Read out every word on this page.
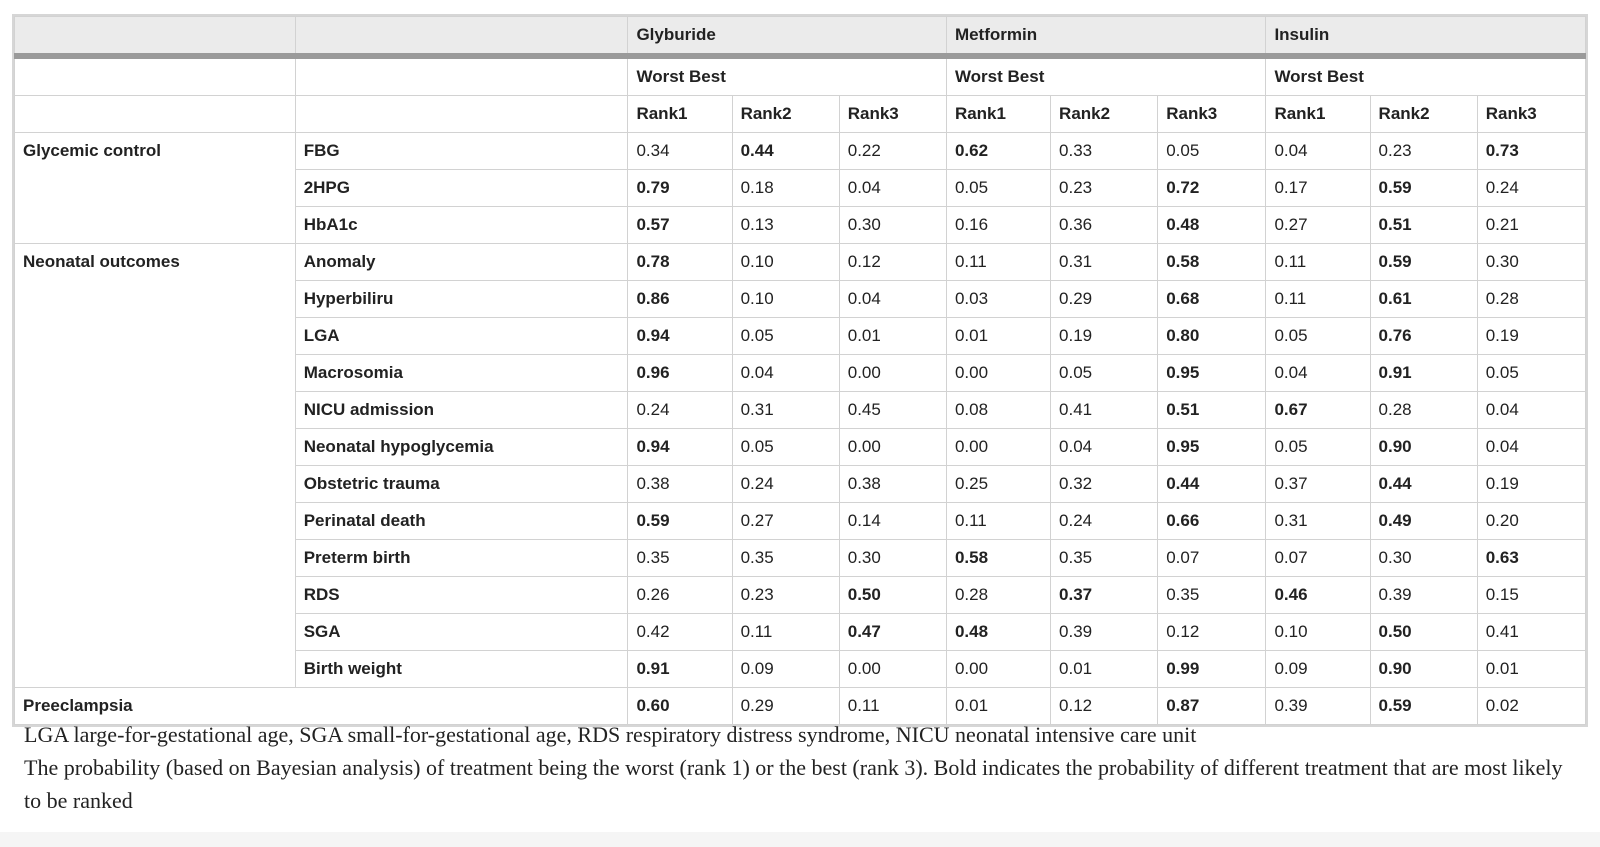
		Glyburide			Metformin			Insulin		
		Worst Best			Worst Best			Worst Best		
		Rank1	Rank2	Rank3	Rank1	Rank2	Rank3	Rank1	Rank2	Rank3
Glycemic control	FBG	0.34	0.44	0.22	0.62	0.33	0.05	0.04	0.23	0.73
	2HPG	0.79	0.18	0.04	0.05	0.23	0.72	0.17	0.59	0.24
	HbA1c	0.57	0.13	0.30	0.16	0.36	0.48	0.27	0.51	0.21
Neonatal outcomes	Anomaly	0.78	0.10	0.12	0.11	0.31	0.58	0.11	0.59	0.30
	Hyperbiliru	0.86	0.10	0.04	0.03	0.29	0.68	0.11	0.61	0.28
	LGA	0.94	0.05	0.01	0.01	0.19	0.80	0.05	0.76	0.19
	Macrosomia	0.96	0.04	0.00	0.00	0.05	0.95	0.04	0.91	0.05
	NICU admission	0.24	0.31	0.45	0.08	0.41	0.51	0.67	0.28	0.04
	Neonatal hypoglycemia	0.94	0.05	0.00	0.00	0.04	0.95	0.05	0.90	0.04
	Obstetric trauma	0.38	0.24	0.38	0.25	0.32	0.44	0.37	0.44	0.19
	Perinatal death	0.59	0.27	0.14	0.11	0.24	0.66	0.31	0.49	0.20
	Preterm birth	0.35	0.35	0.30	0.58	0.35	0.07	0.07	0.30	0.63
	RDS	0.26	0.23	0.50	0.28	0.37	0.35	0.46	0.39	0.15
	SGA	0.42	0.11	0.47	0.48	0.39	0.12	0.10	0.50	0.41
	Birth weight	0.91	0.09	0.00	0.00	0.01	0.99	0.09	0.90	0.01
Preeclampsia		0.60	0.29	0.11	0.01	0.12	0.87	0.39	0.59	0.02

LGA large-for-gestational age, SGA small-for-gestational age, RDS respiratory distress syndrome, NICU neonatal intensive care unit

The probability (based on Bayesian analysis) of treatment being the worst (rank 1) or the best (rank 3). Bold indicates the probability of different treatment that are most likely to be ranked
